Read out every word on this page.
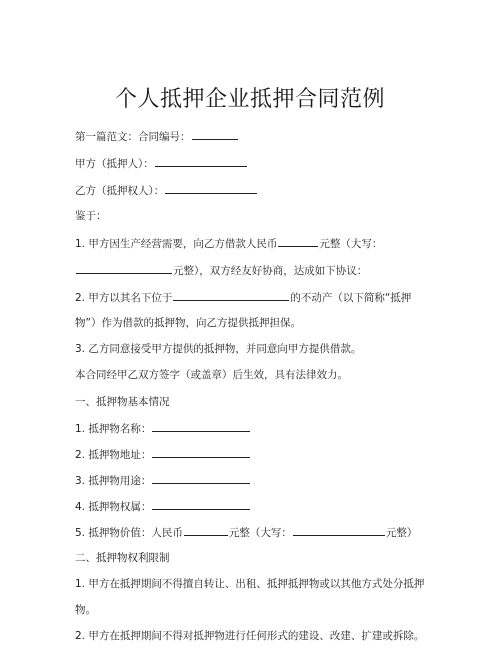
个人抵押企业抵押合同范例
第一篇范文：合同编号：
甲方（抵押人）：
乙方（抵押权人）：
鉴于：
1. 甲方因生产经营需要，向乙方借款人民币	元整（大写：
元整），双方经友好协商，达成如下协议：
2. 甲方以其名下位于	的不动产（以下简称“抵押
物”）作为借款的抵押物，向乙方提供抵押担保。
3. 乙方同意接受甲方提供的抵押物，并同意向甲方提供借款。
本合同经甲乙双方签字（或盖章）后生效，具有法律效力。
一、抵押物基本情况
1. 抵押物名称：
2. 抵押物地址：
3. 抵押物用途：
4. 抵押物权属：
5. 抵押物价值：人民币	元整（大写：	元整）
二、抵押物权利限制
1. 甲方在抵押期间不得擅自转让、出租、抵押抵押物或以其他方式处分抵押
物。
2. 甲方在抵押期间不得对抵押物进行任何形式的建设、改建、扩建或拆除。
